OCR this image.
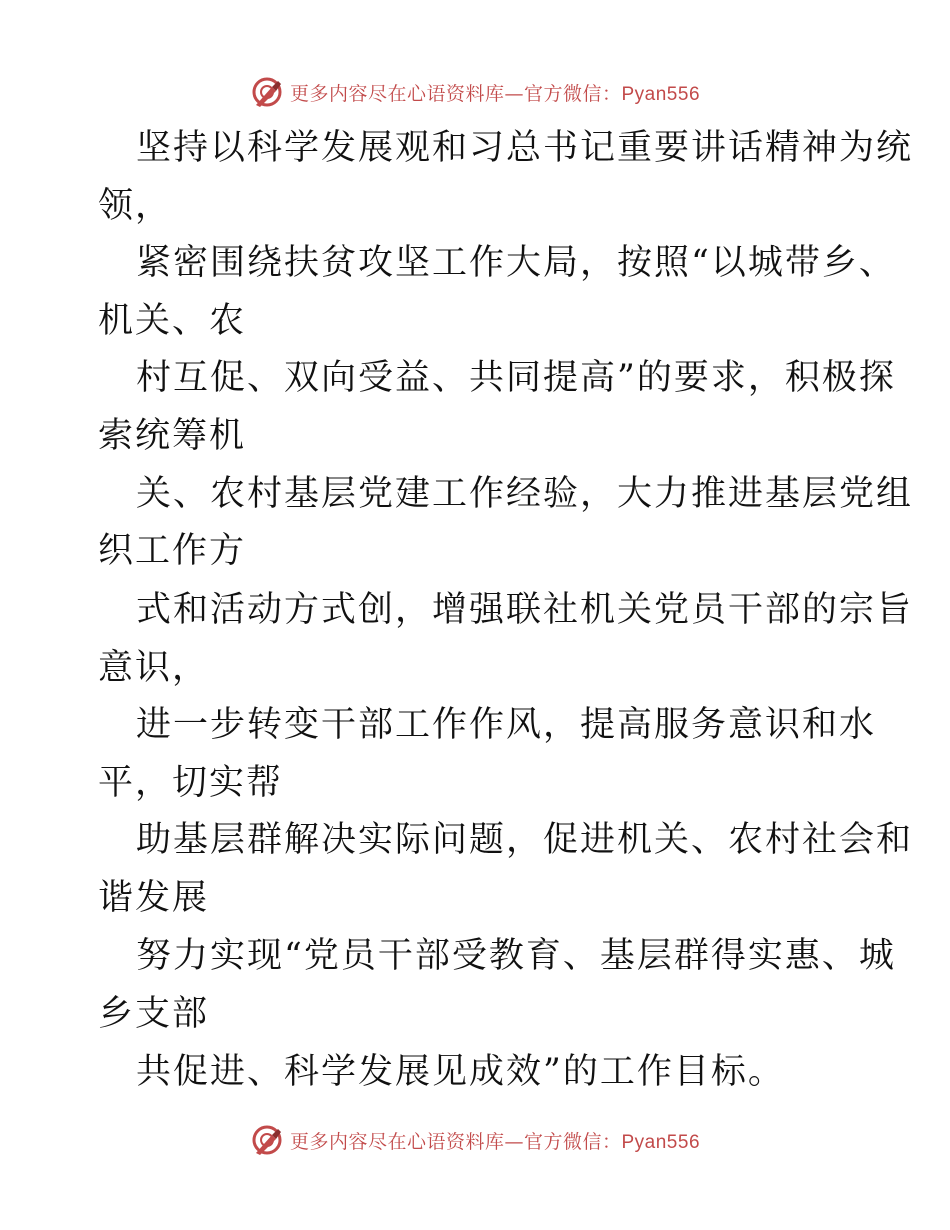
更多内容尽在心语资料库—官方微信：Pyan556
坚持以科学发展观和习总书记重要讲话精神为统
领，
紧密围绕扶贫攻坚工作大局，按照“以城带乡、
机关、农
村互促、双向受益、共同提高”的要求，积极探
索统筹机
关、农村基层党建工作经验，大力推进基层党组
织工作方
式和活动方式创，增强联社机关党员干部的宗旨
意识，
进一步转变干部工作作风，提高服务意识和水
平，切实帮
助基层群解决实际问题，促进机关、农村社会和
谐发展
努力实现“党员干部受教育、基层群得实惠、城
乡支部
共促进、科学发展见成效”的工作目标。
更多内容尽在心语资料库—官方微信：Pyan556
